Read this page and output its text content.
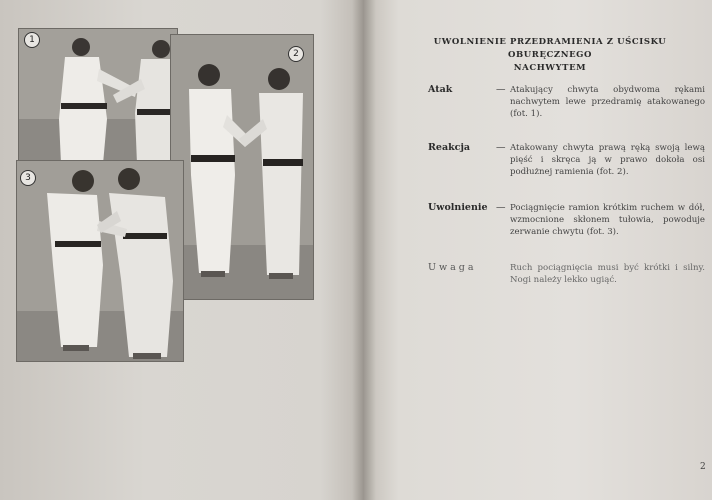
1
2
3
UWOLNIENIE PRZEDRAMIENIA Z UŚCISKU OBURĘCZNEGO
NACHWYTEM
Atak	— Atakujący chwyta obydwoma rękami nachwytem lewe przedramię atakowanego (fot. 1).
Reakcja	— Atakowany chwyta prawą ręką swoją lewą pięść i skręca ją w prawo dokoła osi podłużnej ramienia (fot. 2).
Uwolnienie — Pociągnięcie ramion krótkim ruchem w dół, wzmocnione skłonem tułowia, powoduje zerwanie chwytu (fot. 3).
Uwaga	Ruch pociągnięcia musi być krótki i silny. Nogi należy lekko ugiąć.
2
